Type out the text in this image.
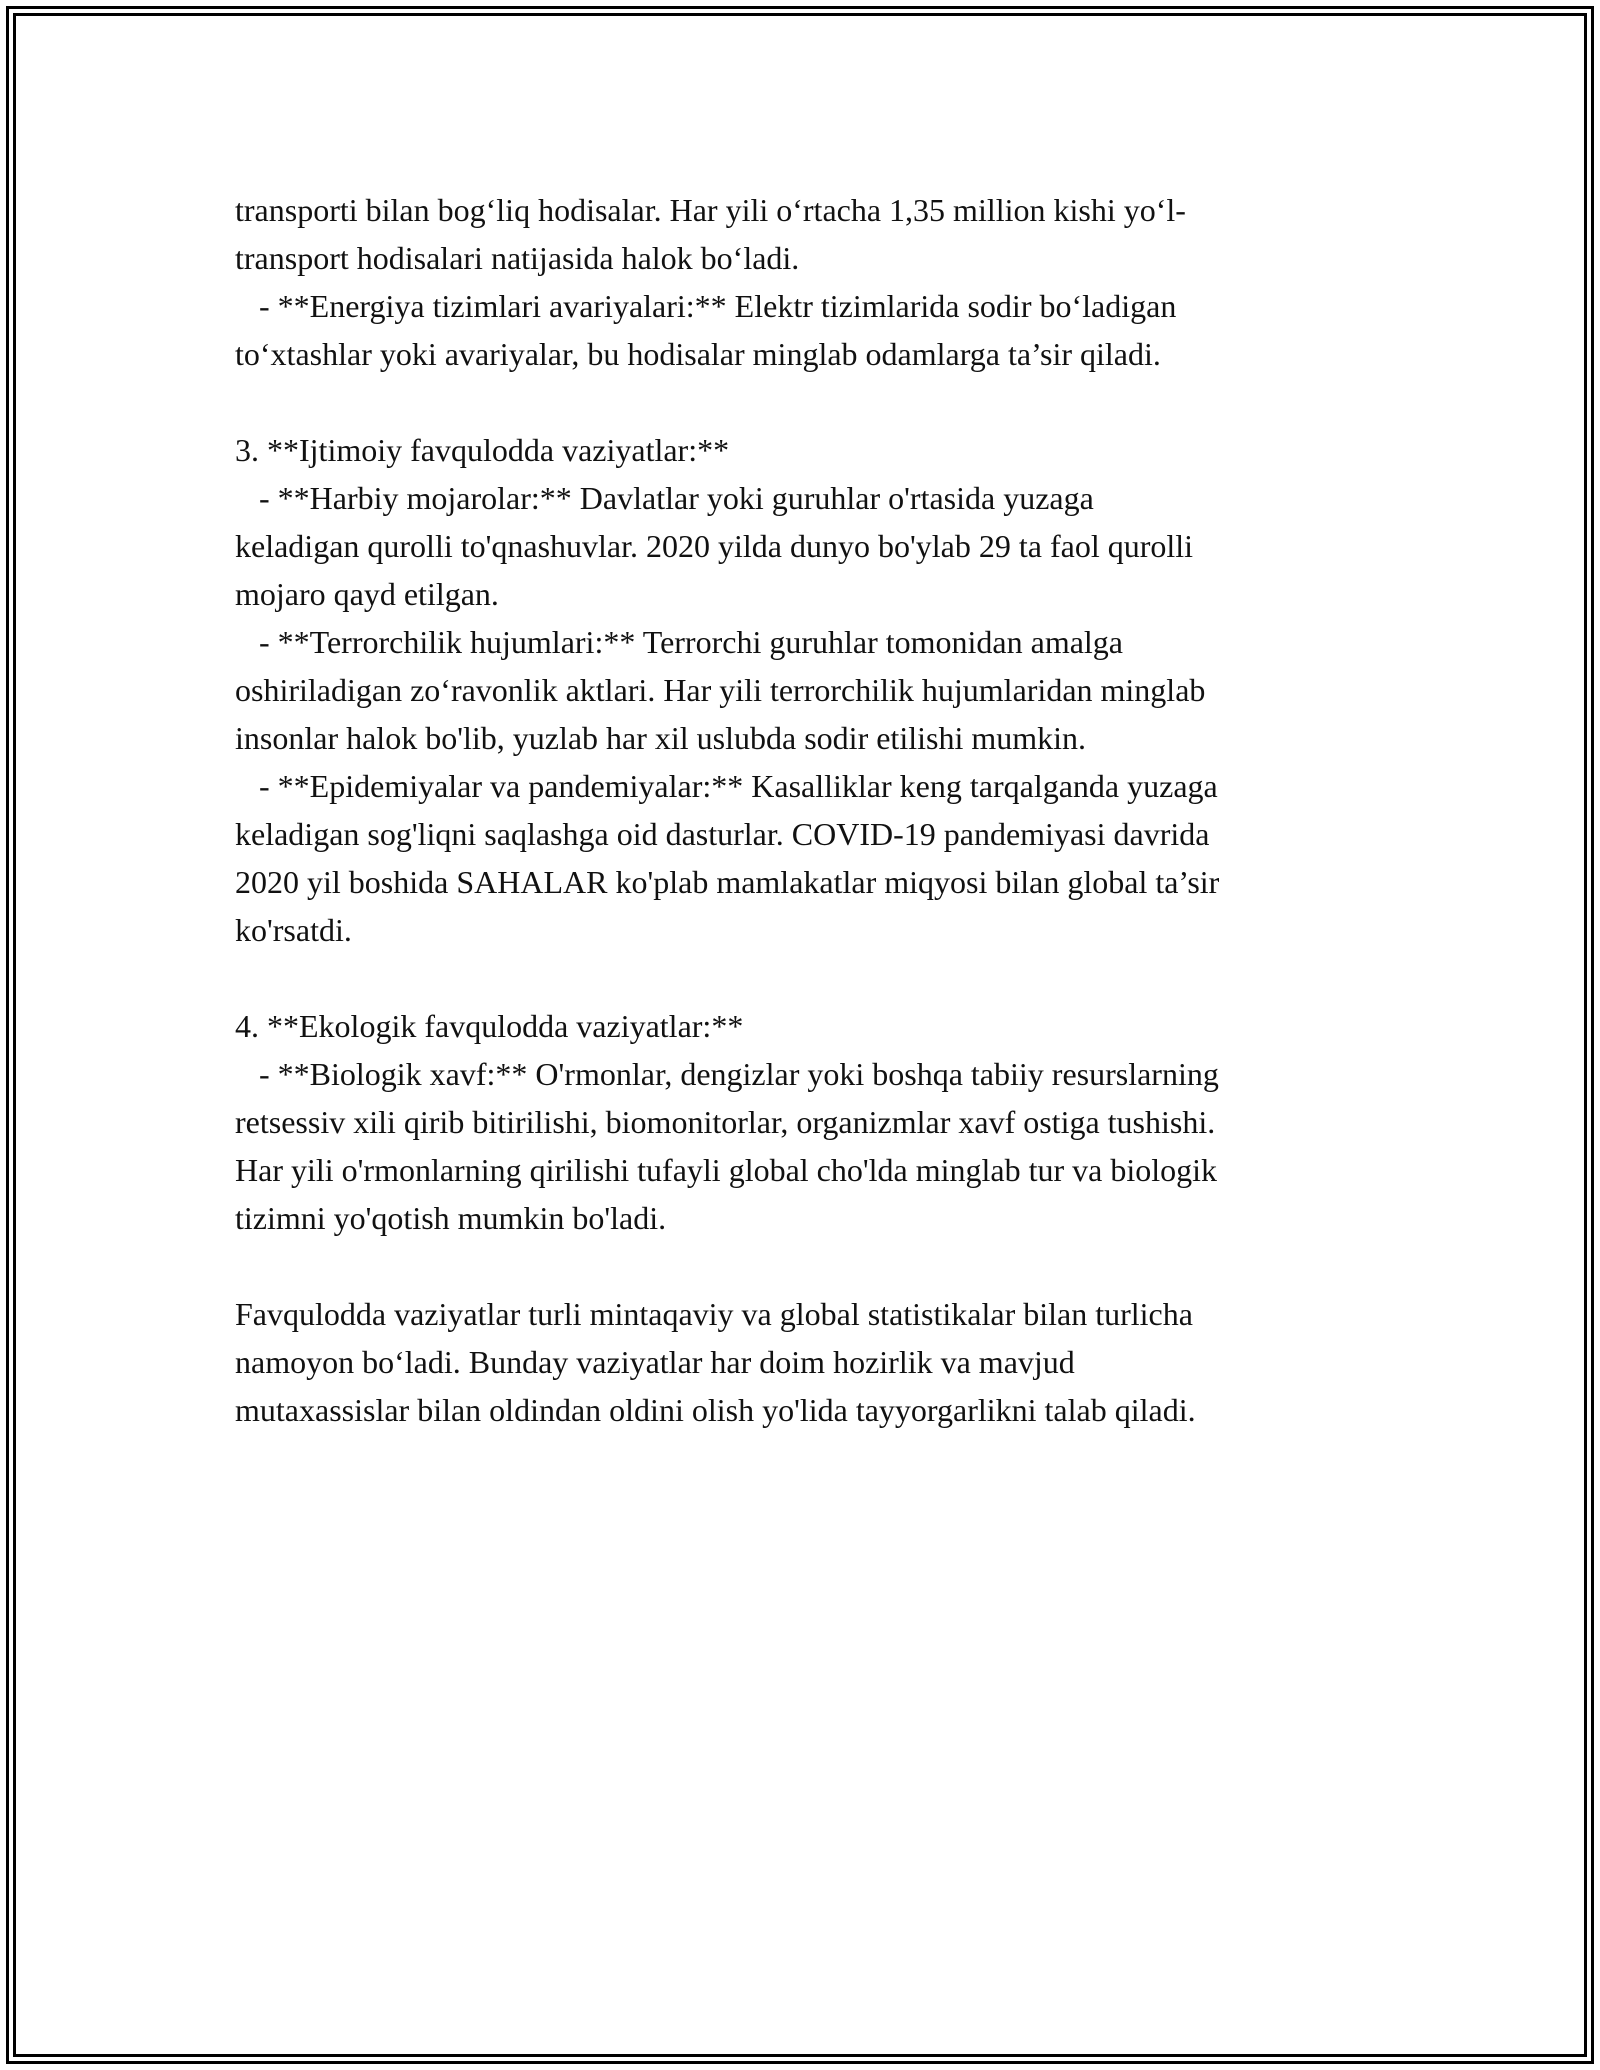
transporti bilan bog‘liq hodisalar. Har yili o‘rtacha 1,35 million kishi yo‘l-
transport hodisalari natijasida halok bo‘ladi.
- **Energiya tizimlari avariyalari:** Elektr tizimlarida sodir bo‘ladigan
to‘xtashlar yoki avariyalar, bu hodisalar minglab odamlarga ta’sir qiladi.
3. **Ijtimoiy favqulodda vaziyatlar:**
- **Harbiy mojarolar:** Davlatlar yoki guruhlar o'rtasida yuzaga
keladigan qurolli to'qnashuvlar. 2020 yilda dunyo bo'ylab 29 ta faol qurolli
mojaro qayd etilgan.
- **Terrorchilik hujumlari:** Terrorchi guruhlar tomonidan amalga
oshiriladigan zo‘ravonlik aktlari. Har yili terrorchilik hujumlaridan minglab
insonlar halok bo'lib, yuzlab har xil uslubda sodir etilishi mumkin.
- **Epidemiyalar va pandemiyalar:** Kasalliklar keng tarqalganda yuzaga
keladigan sog'liqni saqlashga oid dasturlar. COVID-19 pandemiyasi davrida
2020 yil boshida SAHALAR ko'plab mamlakatlar miqyosi bilan global ta’sir
ko'rsatdi.
4. **Ekologik favqulodda vaziyatlar:**
- **Biologik xavf:** O'rmonlar, dengizlar yoki boshqa tabiiy resurslarning
retsessiv xili qirib bitirilishi, biomonitorlar, organizmlar xavf ostiga tushishi.
Har yili o'rmonlarning qirilishi tufayli global cho'lda minglab tur va biologik
tizimni yo'qotish mumkin bo'ladi.
Favqulodda vaziyatlar turli mintaqaviy va global statistikalar bilan turlicha
namoyon bo‘ladi. Bunday vaziyatlar har doim hozirlik va mavjud
mutaxassislar bilan oldindan oldini olish yo'lida tayyorgarlikni talab qiladi.
